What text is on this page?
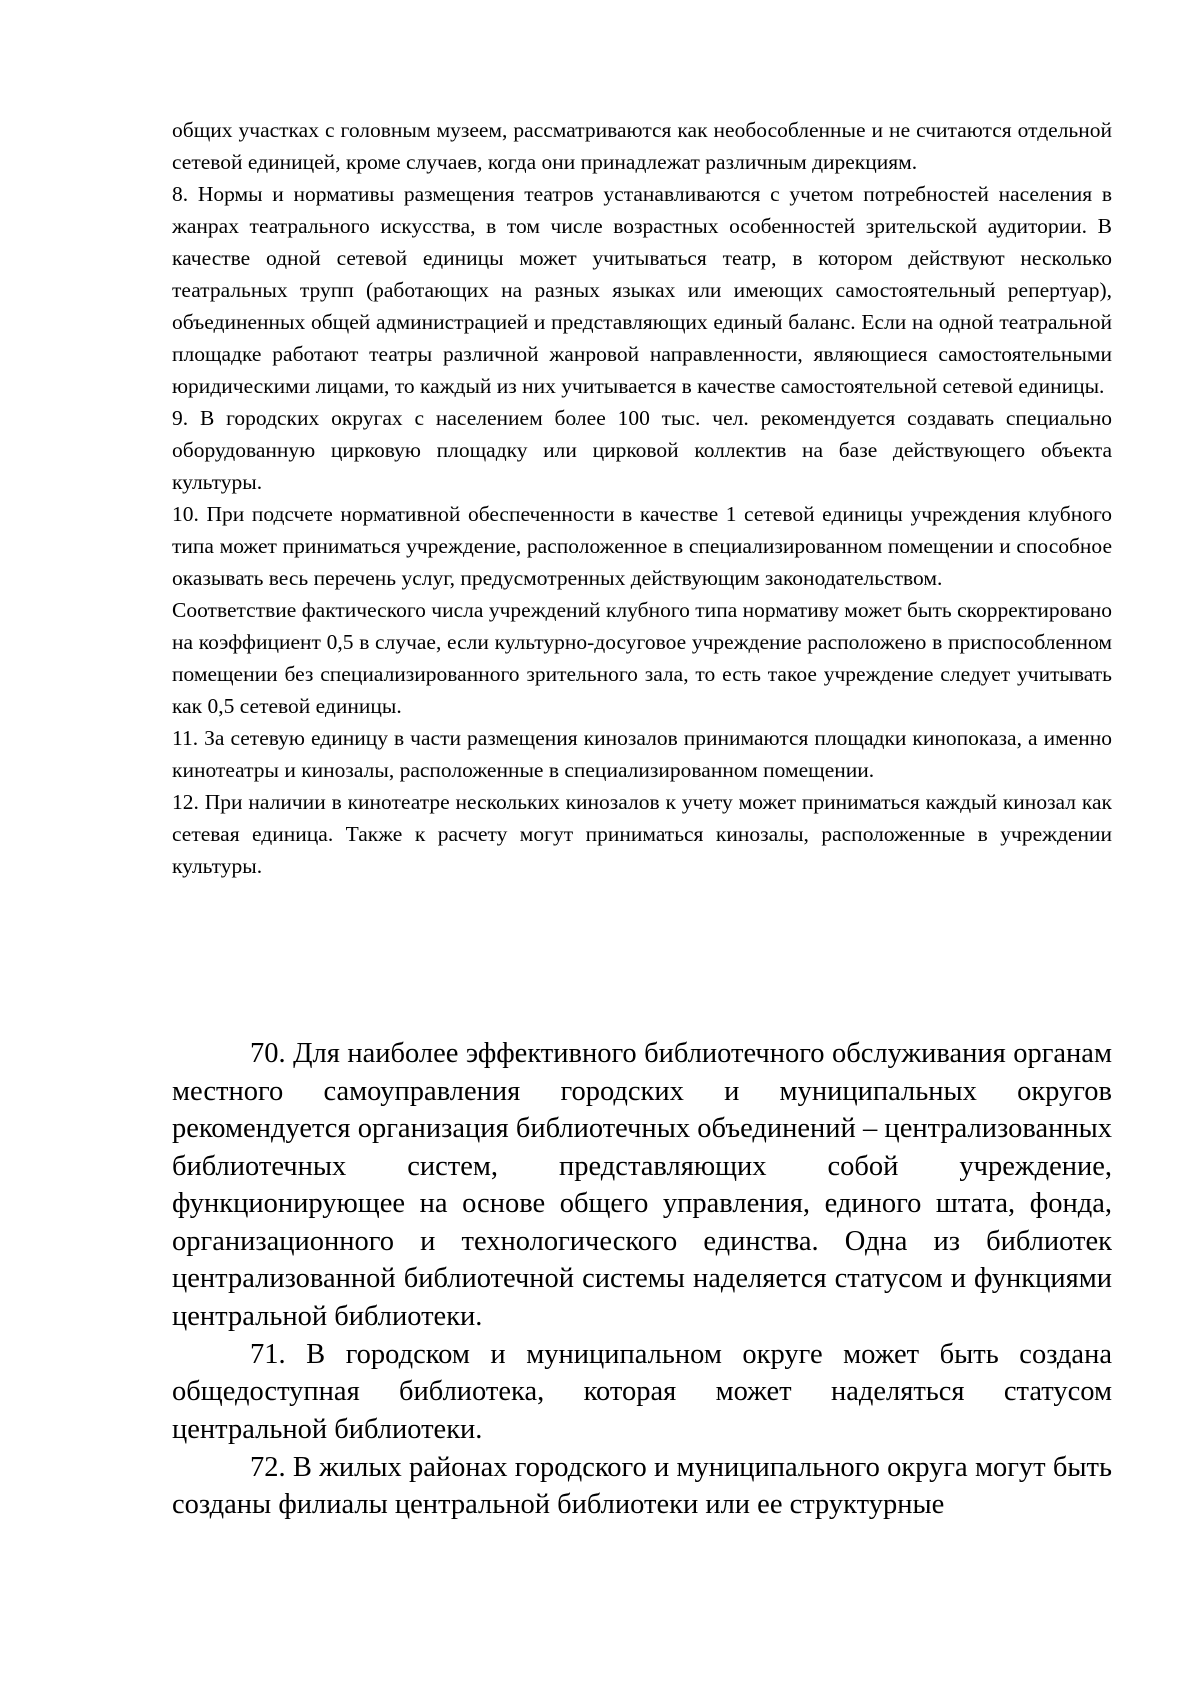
общих участках с головным музеем, рассматриваются как необособленные и не считаются отдельной сетевой единицей, кроме случаев, когда они принадлежат различным дирекциям.

8. Нормы и нормативы размещения театров устанавливаются с учетом потребностей населения в жанрах театрального искусства, в том числе возрастных особенностей зрительской аудитории. В качестве одной сетевой единицы может учитываться театр, в котором действуют несколько театральных трупп (работающих на разных языках или имеющих самостоятельный репертуар), объединенных общей администрацией и представляющих единый баланс. Если на одной театральной площадке работают театры различной жанровой направленности, являющиеся самостоятельными юридическими лицами, то каждый из них учитывается в качестве самостоятельной сетевой единицы.

9. В городских округах с населением более 100 тыс. чел. рекомендуется создавать специально оборудованную цирковую площадку или цирковой коллектив на базе действующего объекта культуры.

10. При подсчете нормативной обеспеченности в качестве 1 сетевой единицы учреждения клубного типа может приниматься учреждение, расположенное в специализированном помещении и способное оказывать весь перечень услуг, предусмотренных действующим законодательством.

Соответствие фактического числа учреждений клубного типа нормативу может быть скорректировано на коэффициент 0,5 в случае, если культурно-досуговое учреждение расположено в приспособленном помещении без специализированного зрительного зала, то есть такое учреждение следует учитывать как 0,5 сетевой единицы.

11. За сетевую единицу в части размещения кинозалов принимаются площадки кинопоказа, а именно кинотеатры и кинозалы, расположенные в специализированном помещении.

12. При наличии в кинотеатре нескольких кинозалов к учету может приниматься каждый кинозал как сетевая единица. Также к расчету могут приниматься кинозалы, расположенные в учреждении культуры.

70. Для наиболее эффективного библиотечного обслуживания органам местного самоуправления городских и муниципальных округов рекомендуется организация библиотечных объединений – централизованных библиотечных систем, представляющих собой учреждение, функционирующее на основе общего управления, единого штата, фонда, организационного и технологического единства. Одна из библиотек централизованной библиотечной системы наделяется статусом и функциями центральной библиотеки.

71. В городском и муниципальном округе может быть создана общедоступная библиотека, которая может наделяться статусом центральной библиотеки.

72. В жилых районах городского и муниципального округа могут быть созданы филиалы центральной библиотеки или ее структурные
